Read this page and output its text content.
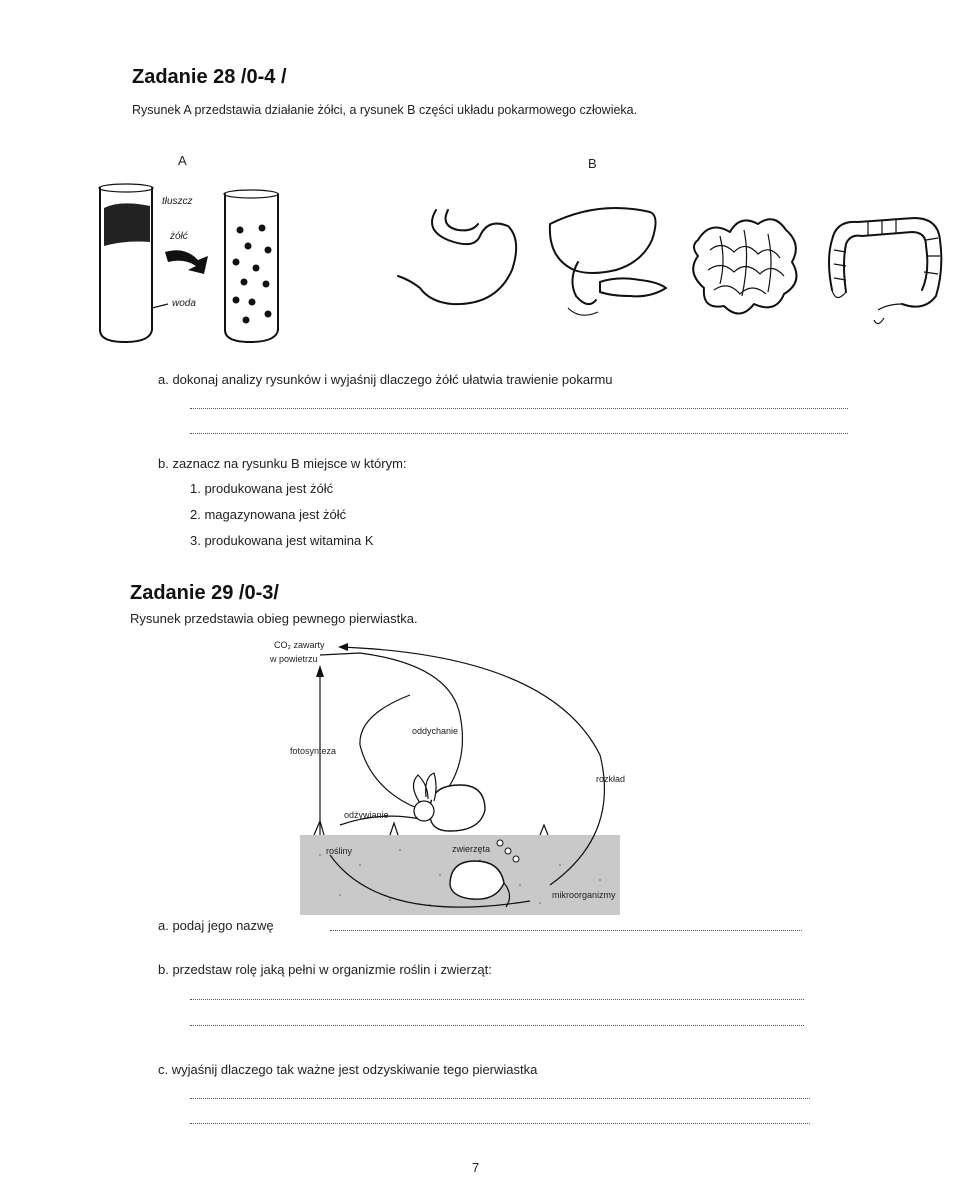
Zadanie 28 /0-4 /
Rysunek A przedstawia działanie żółci, a rysunek B części układu pokarmowego człowieka.
A	B
tłuszcz
żółć
woda
a. dokonaj analizy rysunków i wyjaśnij dlaczego żółć ułatwia trawienie pokarmu
b. zaznacz na rysunku B miejsce w którym:
1. produkowana jest żółć
2. magazynowana jest żółć
3. produkowana jest witamina K
Zadanie 29 /0-3/
Rysunek przedstawia obieg pewnego pierwiastka.
CO₂ zawarty
w powietrzu
oddychanie
fotosynteza
rozkład
odżywianie
rośliny	zwierzęta
mikroorganizmy
a. podaj jego nazwę
b. przedstaw rolę jaką pełni w organizmie roślin i zwierząt:
c. wyjaśnij dlaczego tak ważne jest odzyskiwanie tego pierwiastka
7
